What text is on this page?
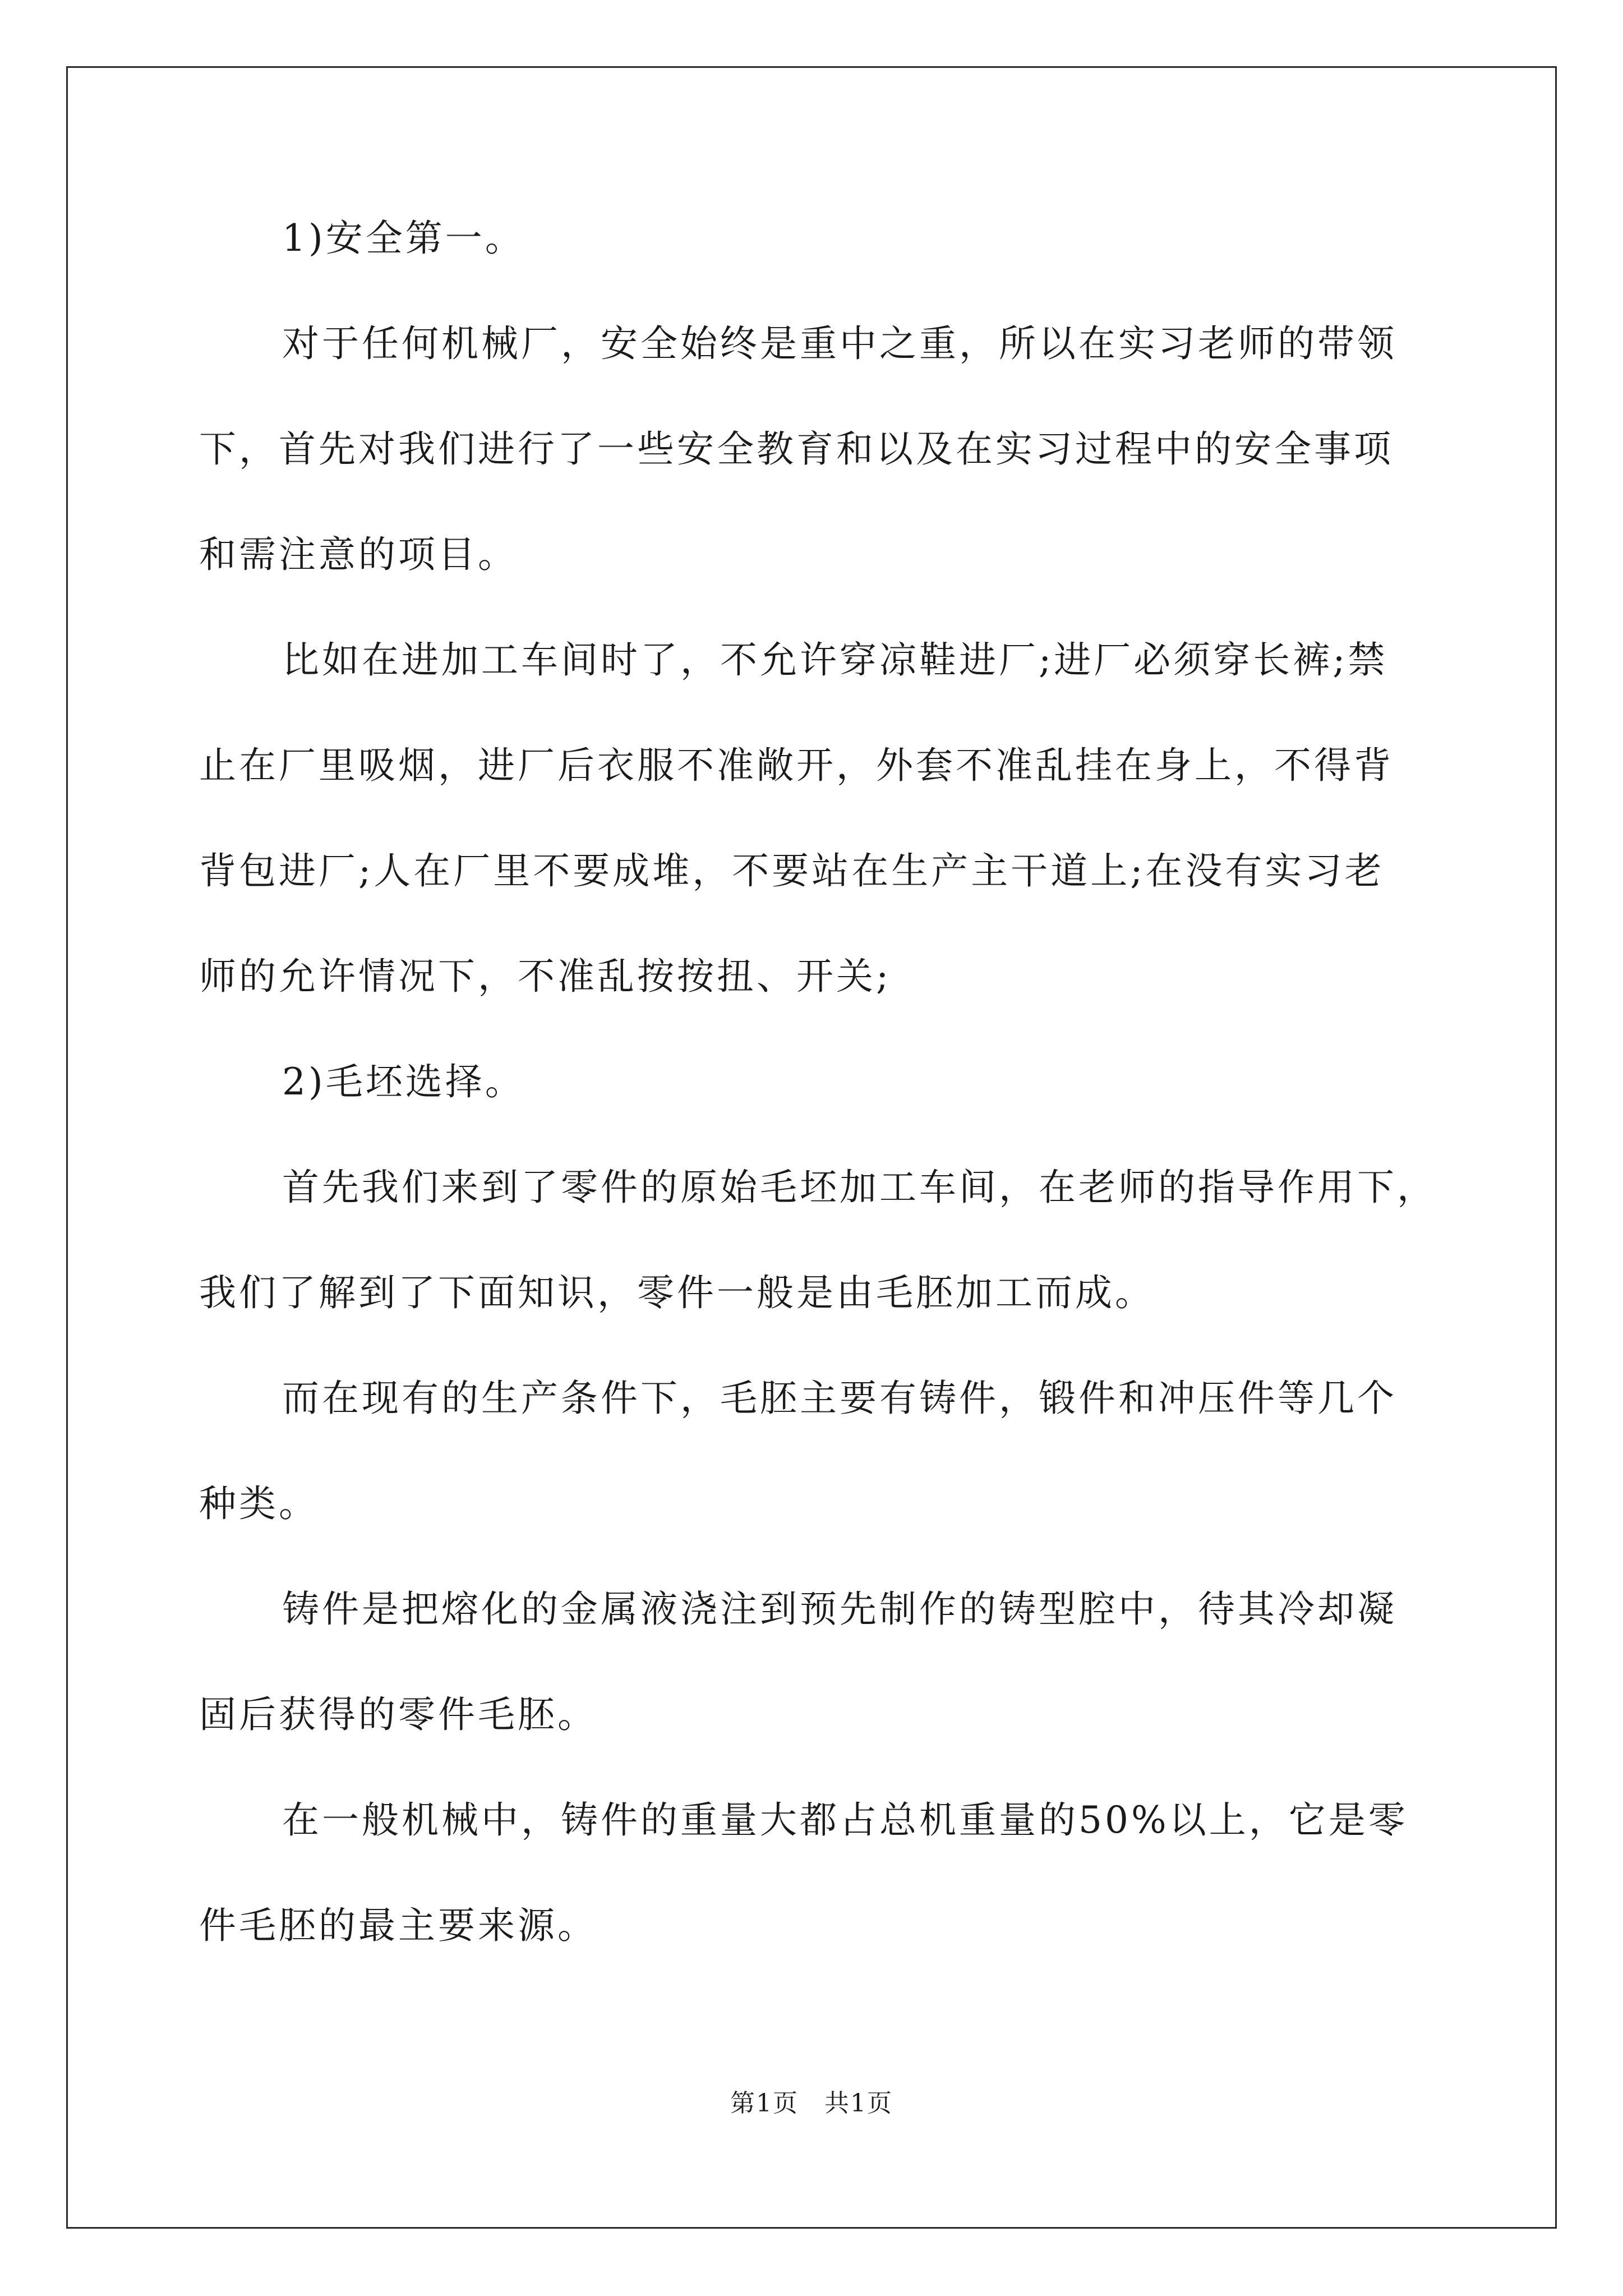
1)安全第一。

对于任何机械厂，安全始终是重中之重，所以在实习老师的带领

下，首先对我们进行了一些安全教育和以及在实习过程中的安全事项

和需注意的项目。

比如在进加工车间时了，不允许穿凉鞋进厂;进厂必须穿长裤;禁

止在厂里吸烟，进厂后衣服不准敞开，外套不准乱挂在身上，不得背

背包进厂;人在厂里不要成堆，不要站在生产主干道上;在没有实习老

师的允许情况下，不准乱按按扭、开关;

2)毛坯选择。

首先我们来到了零件的原始毛坯加工车间，在老师的指导作用下，

我们了解到了下面知识，零件一般是由毛胚加工而成。

而在现有的生产条件下，毛胚主要有铸件，锻件和冲压件等几个

种类。

铸件是把熔化的金属液浇注到预先制作的铸型腔中，待其冷却凝

固后获得的零件毛胚。

在一般机械中，铸件的重量大都占总机重量的50%以上，它是零

件毛胚的最主要来源。

第1页　共1页
